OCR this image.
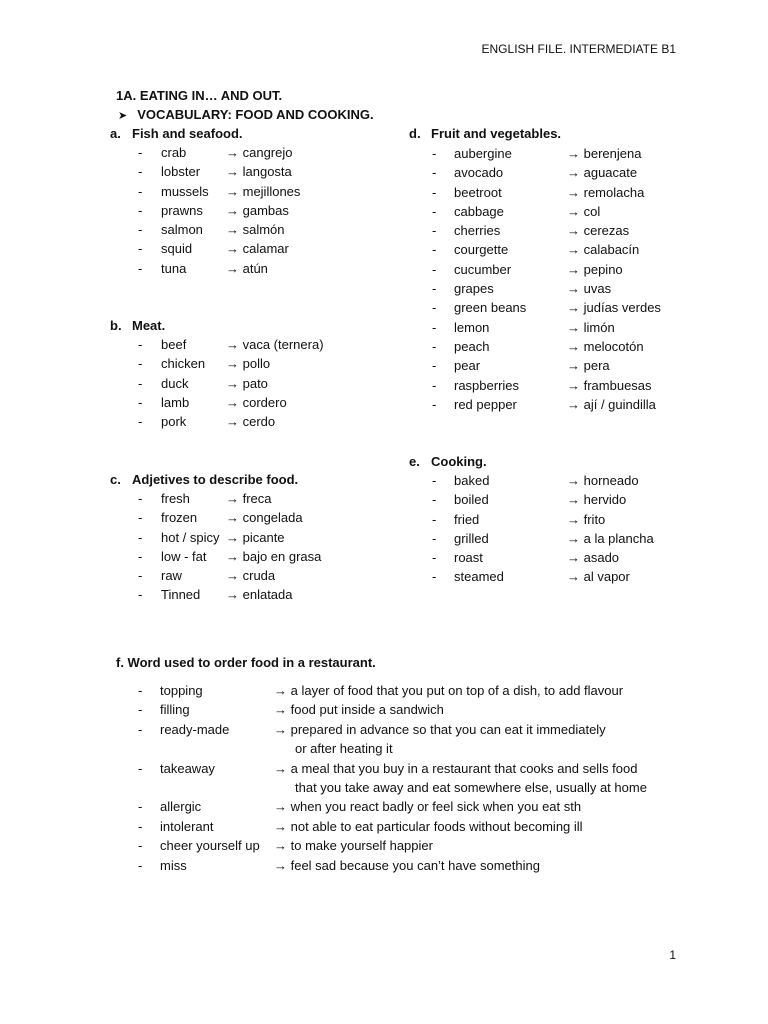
ENGLISH FILE. INTERMEDIATE B1
1A. EATING IN… AND OUT.
➤ VOCABULARY: FOOD AND COOKING.
a. Fish and seafood.
- crab	→ cangrejo
- lobster → langosta
- mussels → mejillones
- prawns → gambas
- salmon → salmón
- squid	→ calamar
- tuna	→ atún
b. Meat.
- beef	→ vaca (ternera)
- chicken → pollo
- duck	→ pato
- lamb	→ cordero
- pork	→ cerdo
c. Adjetives to describe food.
- fresh	→ freca
- frozen → congelada
- hot / spicy → picante
- low - fat → bajo en grasa
- raw	→ cruda
- Tinned → enlatada
d. Fruit and vegetables.
- aubergine	→ berenjena
- avocado	→ aguacate
- beetroot	→ remolacha
- cabbage	→ col
- cherries	→ cerezas
- courgette	→ calabacín
- cucumber	→ pepino
- grapes	→ uvas
- green beans	→ judías verdes
- lemon	→ limón
- peach	→ melocotón
- pear	→ pera
- raspberries	→ frambuesas
- red pepper	→ ají / guindilla
e. Cooking.
- baked	→ horneado
- boiled	→ hervido
- fried	→ frito
- grilled	→ a la plancha
- roast	→ asado
- steamed	→ al vapor
f. Word used to order food in a restaurant.
- topping	→ a layer of food that you put on top of a dish, to add flavour
- filling	→ food put inside a sandwich
- ready-made	→ prepared in advance so that you can eat it immediately
or after heating it
- takeaway	→ a meal that you buy in a restaurant that cooks and sells food
that you take away and eat somewhere else, usually at home
- allergic	→ when you react badly or feel sick when you eat sth
- intolerant	→ not able to eat particular foods without becoming ill
- cheer yourself up → to make yourself happier
- miss	→ feel sad because you can’t have something
1
